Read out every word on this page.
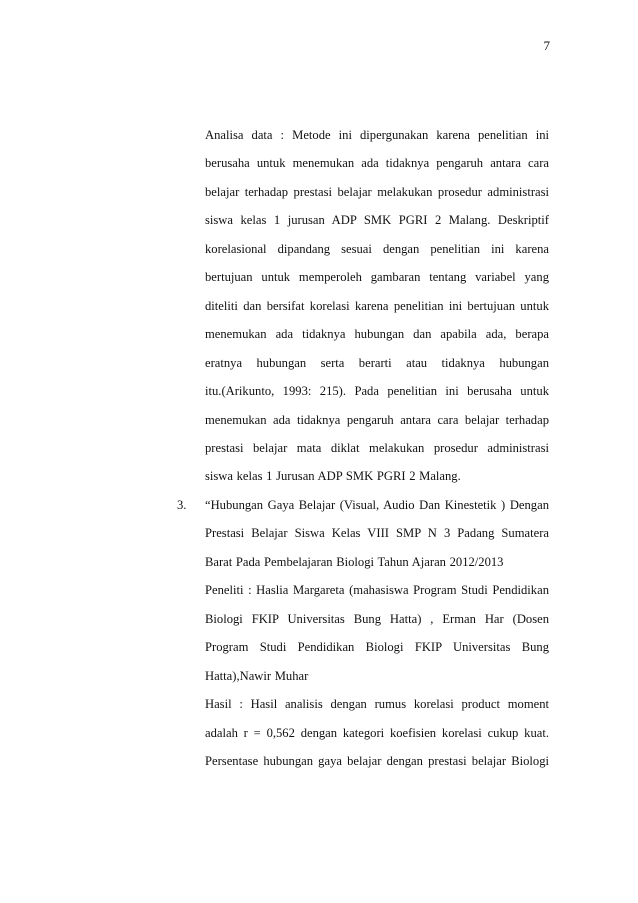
7

Analisa data : Metode ini dipergunakan karena penelitian ini
berusaha untuk menemukan ada tidaknya pengaruh antara cara
belajar terhadap prestasi belajar melakukan prosedur administrasi
siswa kelas 1 jurusan ADP SMK PGRI 2 Malang. Deskriptif
korelasional dipandang sesuai dengan penelitian ini karena
bertujuan untuk memperoleh gambaran tentang variabel yang
diteliti dan bersifat korelasi karena penelitian ini bertujuan untuk
menemukan ada tidaknya hubungan dan apabila ada, berapa
eratnya hubungan serta berarti atau tidaknya hubungan
itu.(Arikunto, 1993: 215). Pada penelitian ini berusaha untuk
menemukan ada tidaknya pengaruh antara cara belajar terhadap
prestasi belajar mata diklat melakukan prosedur administrasi
siswa kelas 1 Jurusan ADP SMK PGRI 2 Malang.

3. “Hubungan Gaya Belajar (Visual, Audio Dan Kinestetik ) Dengan
Prestasi Belajar Siswa Kelas VIII SMP N 3 Padang Sumatera
Barat Pada Pembelajaran Biologi Tahun Ajaran 2012/2013

Peneliti : Haslia Margareta (mahasiswa Program Studi Pendidikan
Biologi FKIP Universitas Bung Hatta) , Erman Har (Dosen
Program Studi Pendidikan Biologi FKIP Universitas Bung
Hatta),Nawir Muhar

Hasil : Hasil analisis dengan rumus korelasi product moment
adalah r = 0,562 dengan kategori koefisien korelasi cukup kuat.
Persentase hubungan gaya belajar dengan prestasi belajar Biologi
